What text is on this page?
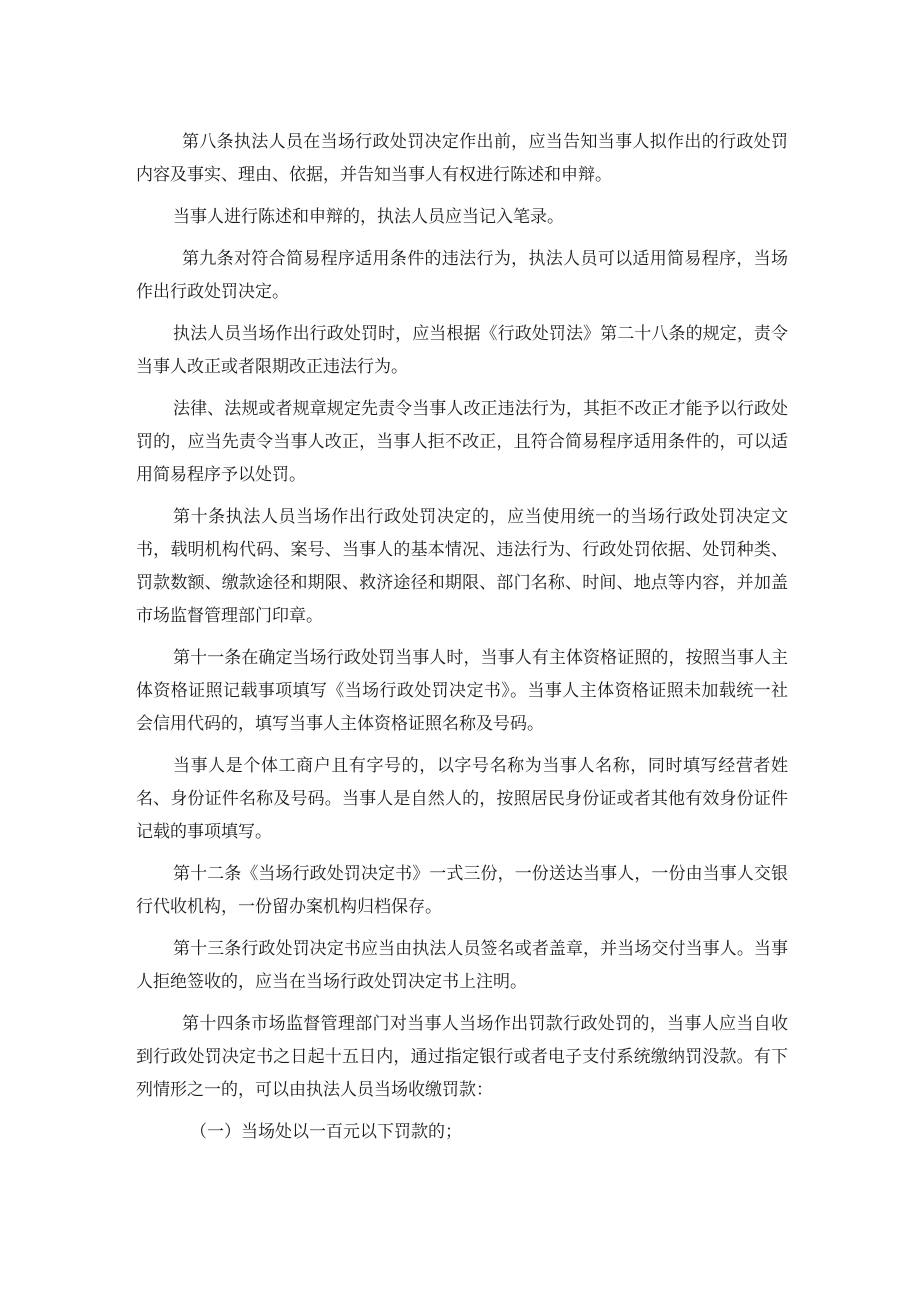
第八条执法人员在当场行政处罚决定作出前，应当告知当事人拟作出的行政处罚内容及事实、理由、依据，并告知当事人有权进行陈述和申辩。

当事人进行陈述和申辩的，执法人员应当记入笔录。

第九条对符合简易程序适用条件的违法行为，执法人员可以适用简易程序，当场作出行政处罚决定。

执法人员当场作出行政处罚时，应当根据《行政处罚法》第二十八条的规定，责令当事人改正或者限期改正违法行为。

法律、法规或者规章规定先责令当事人改正违法行为，其拒不改正才能予以行政处罚的，应当先责令当事人改正，当事人拒不改正，且符合简易程序适用条件的，可以适用简易程序予以处罚。

第十条执法人员当场作出行政处罚决定的，应当使用统一的当场行政处罚决定文书，载明机构代码、案号、当事人的基本情况、违法行为、行政处罚依据、处罚种类、罚款数额、缴款途径和期限、救济途径和期限、部门名称、时间、地点等内容，并加盖市场监督管理部门印章。

第十一条在确定当场行政处罚当事人时，当事人有主体资格证照的，按照当事人主体资格证照记载事项填写《当场行政处罚决定书》。当事人主体资格证照未加载统一社会信用代码的，填写当事人主体资格证照名称及号码。

当事人是个体工商户且有字号的，以字号名称为当事人名称，同时填写经营者姓名、身份证件名称及号码。当事人是自然人的，按照居民身份证或者其他有效身份证件记载的事项填写。

第十二条《当场行政处罚决定书》一式三份，一份送达当事人，一份由当事人交银行代收机构，一份留办案机构归档保存。

第十三条行政处罚决定书应当由执法人员签名或者盖章，并当场交付当事人。当事人拒绝签收的，应当在当场行政处罚决定书上注明。

第十四条市场监督管理部门对当事人当场作出罚款行政处罚的，当事人应当自收到行政处罚决定书之日起十五日内，通过指定银行或者电子支付系统缴纳罚没款。有下列情形之一的，可以由执法人员当场收缴罚款：

（一）当场处以一百元以下罚款的；
